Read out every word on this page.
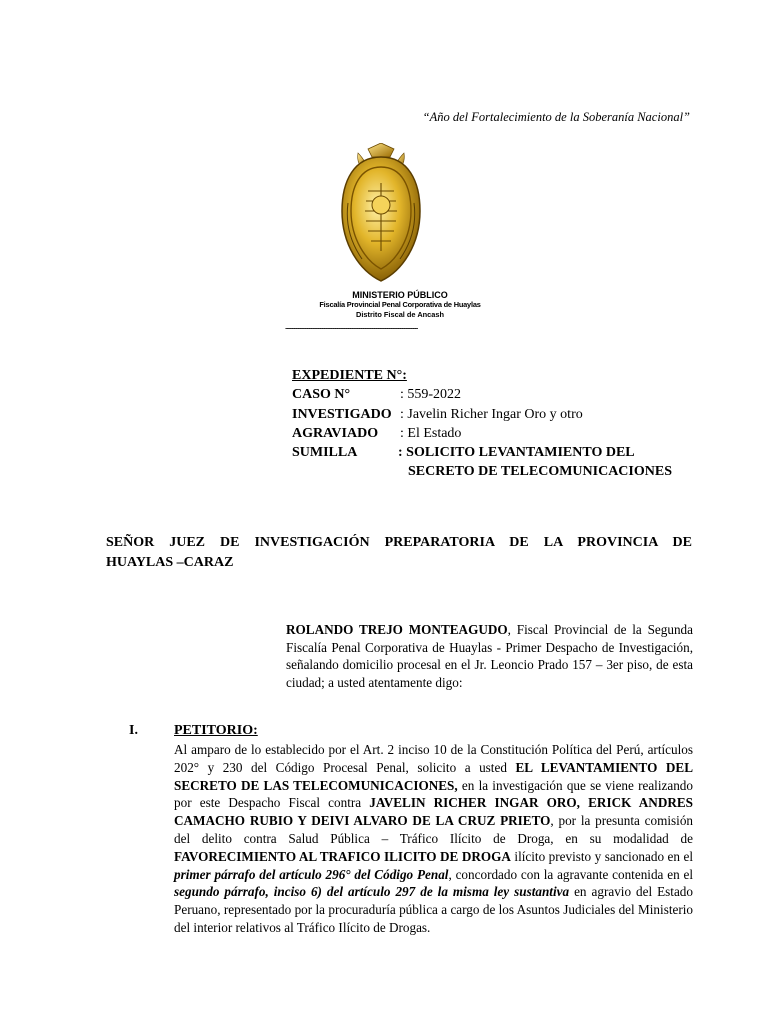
“Año del Fortalecimiento de la Soberanía Nacional”
MINISTERIO PÚBLICO
Fiscalía Provincial Penal Corporativa de Huaylas
Distrito Fiscal de Ancash
-------------------------------------------------------------
EXPEDIENTE N°:
CASO N°	: 559-2022
INVESTIGADO : Javelin Richer Ingar Oro y otro
AGRAVIADO : El Estado
SUMILLA	: SOLICITO LEVANTAMIENTO DEL
SECRETO DE TELECOMUNICACIONES
SEÑOR JUEZ DE INVESTIGACIÓN PREPARATORIA DE LA PROVINCIA DE
HUAYLAS –CARAZ
ROLANDO TREJO MONTEAGUDO, Fiscal Provincial de la Segunda Fiscalía Penal Corporativa de Huaylas - Primer Despacho de Investigación, señalando domicilio procesal en el Jr. Leoncio Prado 157 – 3er piso, de esta ciudad; a usted atentamente digo:
I.	PETITORIO:
Al amparo de lo establecido por el Art. 2 inciso 10 de la Constitución Política del Perú, artículos 202° y 230 del Código Procesal Penal, solicito a usted EL LEVANTAMIENTO DEL SECRETO DE LAS TELECOMUNICACIONES, en la investigación que se viene realizando por este Despacho Fiscal contra JAVELIN RICHER INGAR ORO, ERICK ANDRES CAMACHO RUBIO Y DEIVI ALVARO DE LA CRUZ PRIETO, por la presunta comisión del delito contra Salud Pública – Tráfico Ilícito de Droga, en su modalidad de FAVORECIMIENTO AL TRAFICO ILICITO DE DROGA ilícito previsto y sancionado en el primer párrafo del artículo 296° del Código Penal, concordado con la agravante contenida en el segundo párrafo, inciso 6) del artículo 297 de la misma ley sustantiva en agravio del Estado Peruano, representado por la procuraduría pública a cargo de los Asuntos Judiciales del Ministerio del interior relativos al Tráfico Ilícito de Drogas.
